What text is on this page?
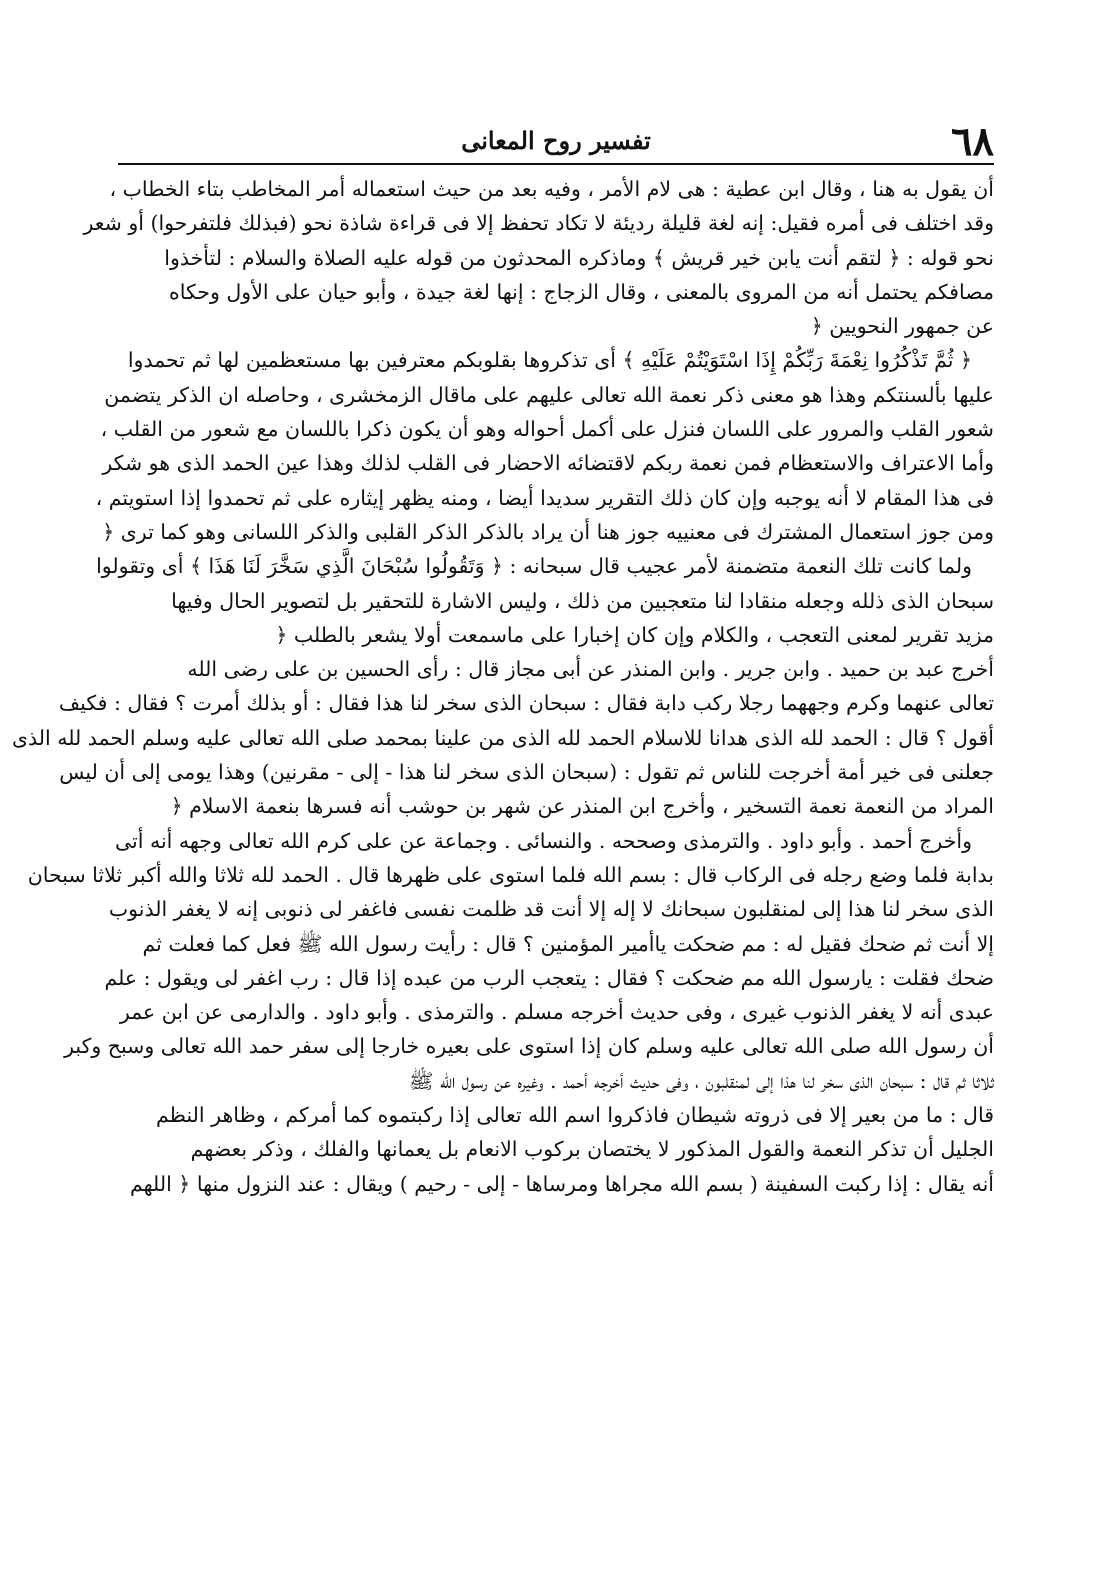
٦٨
تفسير روح المعانى

أن يقول به هنا ، وقال ابن عطية : هى لام الأمر ، وفيه بعد من حيث استعماله أمر المخاطب بتاء الخطاب ،
وقد اختلف فى أمره فقيل: إنه لغة قليلة رديئة لا تكاد تحفظ إلا فى قراءة شاذة نحو (فبذلك فلتفرحوا) أو شعر
نحو قوله : ﴿ لتقم أنت يابن خير قريش ﴾ وماذكره المحدثون من قوله عليه الصلاة والسلام : لتأخذوا
مصافكم يحتمل أنه من المروى بالمعنى ، وقال الزجاج : إنها لغة جيدة ، وأبو حيان على الأول وحكاه
عن جمهور النحويين ﴿

﴿ ثُمَّ تَذْكُرُوا نِعْمَةَ رَبِّكُمْ إِذَا اسْتَوَيْتُمْ عَلَيْهِ ﴾ أى تذكروها بقلوبكم معترفين بها مستعظمين لها ثم تحمدوا
عليها بألسنتكم وهذا هو معنى ذكر نعمة الله تعالى عليهم على ماقال الزمخشرى ، وحاصله ان الذكر يتضمن
شعور القلب والمرور على اللسان فنزل على أكمل أحواله وهو أن يكون ذكرا باللسان مع شعور من القلب ،
وأما الاعتراف والاستعظام فمن نعمة ربكم لاقتضائه الاحضار فى القلب لذلك وهذا عين الحمد الذى هو شكر
فى هذا المقام لا أنه يوجبه وإن كان ذلك التقرير سديدا أيضا ، ومنه يظهر إيثاره على ثم تحمدوا إذا استويتم ،
ومن جوز استعمال المشترك فى معنييه جوز هنا أن يراد بالذكر الذكر القلبى والذكر اللسانى وهو كما ترى ﴿

ولما كانت تلك النعمة متضمنة لأمر عجيب قال سبحانه : ﴿ وَتَقُولُوا سُبْحَانَ الَّذِي سَخَّرَ لَنَا هَذَا ﴾ أى وتقولوا
سبحان الذى ذلله وجعله منقادا لنا متعجبين من ذلك ، وليس الاشارة للتحقير بل لتصوير الحال وفيها
مزيد تقرير لمعنى التعجب ، والكلام وإن كان إخبارا على ماسمعت أولا يشعر بالطلب ﴿

أخرج عبد بن حميد . وابن جرير . وابن المنذر عن أبى مجاز قال : رأى الحسين بن على رضى الله
تعالى عنهما وكرم وجههما رجلا ركب دابة فقال : سبحان الذى سخر لنا هذا فقال : أو بذلك أمرت ؟ فقال : فكيف
أقول ؟ قال : الحمد لله الذى هدانا للاسلام الحمد لله الذى من علينا بمحمد صلى الله تعالى عليه وسلم الحمد لله الذى
جعلنى فى خير أمة أخرجت للناس ثم تقول : (سبحان الذى سخر لنا هذا - إلى - مقرنين) وهذا يومى إلى أن ليس
المراد من النعمة نعمة التسخير ، وأخرج ابن المنذر عن شهر بن حوشب أنه فسرها بنعمة الاسلام ﴿

وأخرج أحمد . وأبو داود . والترمذى وصححه . والنسائى . وجماعة عن على كرم الله تعالى وجهه أنه أتى
بدابة فلما وضع رجله فى الركاب قال : بسم الله فلما استوى على ظهرها قال . الحمد لله ثلاثا والله أكبر ثلاثا سبحان
الذى سخر لنا هذا إلى لمنقلبون سبحانك لا إله إلا أنت قد ظلمت نفسى فاغفر لى ذنوبى إنه لا يغفر الذنوب
إلا أنت ثم ضحك فقيل له : مم ضحكت ياأمير المؤمنين ؟ قال : رأيت رسول الله ﷺ فعل كما فعلت ثم
ضحك فقلت : يارسول الله مم ضحكت ؟ فقال : يتعجب الرب من عبده إذا قال : رب اغفر لى ويقول : علم
عبدى أنه لا يغفر الذنوب غيرى ، وفى حديث أخرجه مسلم . والترمذى . وأبو داود . والدارمى عن ابن عمر
أن رسول الله صلى الله تعالى عليه وسلم كان إذا استوى على بعيره خارجا إلى سفر حمد الله تعالى وسبح وكبر
ثلاثا ثم قال : سبحان الذى سخر لنا هذا إلى لمنقلبون ، وفى حديث أخرجه أحمد . وغيره عن رسول الله ﷺ
قال : ما من بعير إلا فى ذروته شيطان فاذكروا اسم الله تعالى إذا ركبتموه كما أمركم ، وظاهر النظم
الجليل أن تذكر النعمة والقول المذكور لا يختصان بركوب الانعام بل يعمانها والفلك ، وذكر بعضهم
أنه يقال : إذا ركبت السفينة ( بسم الله مجراها ومرساها - إلى - رحيم ) ويقال : عند النزول منها ﴿ اللهم
